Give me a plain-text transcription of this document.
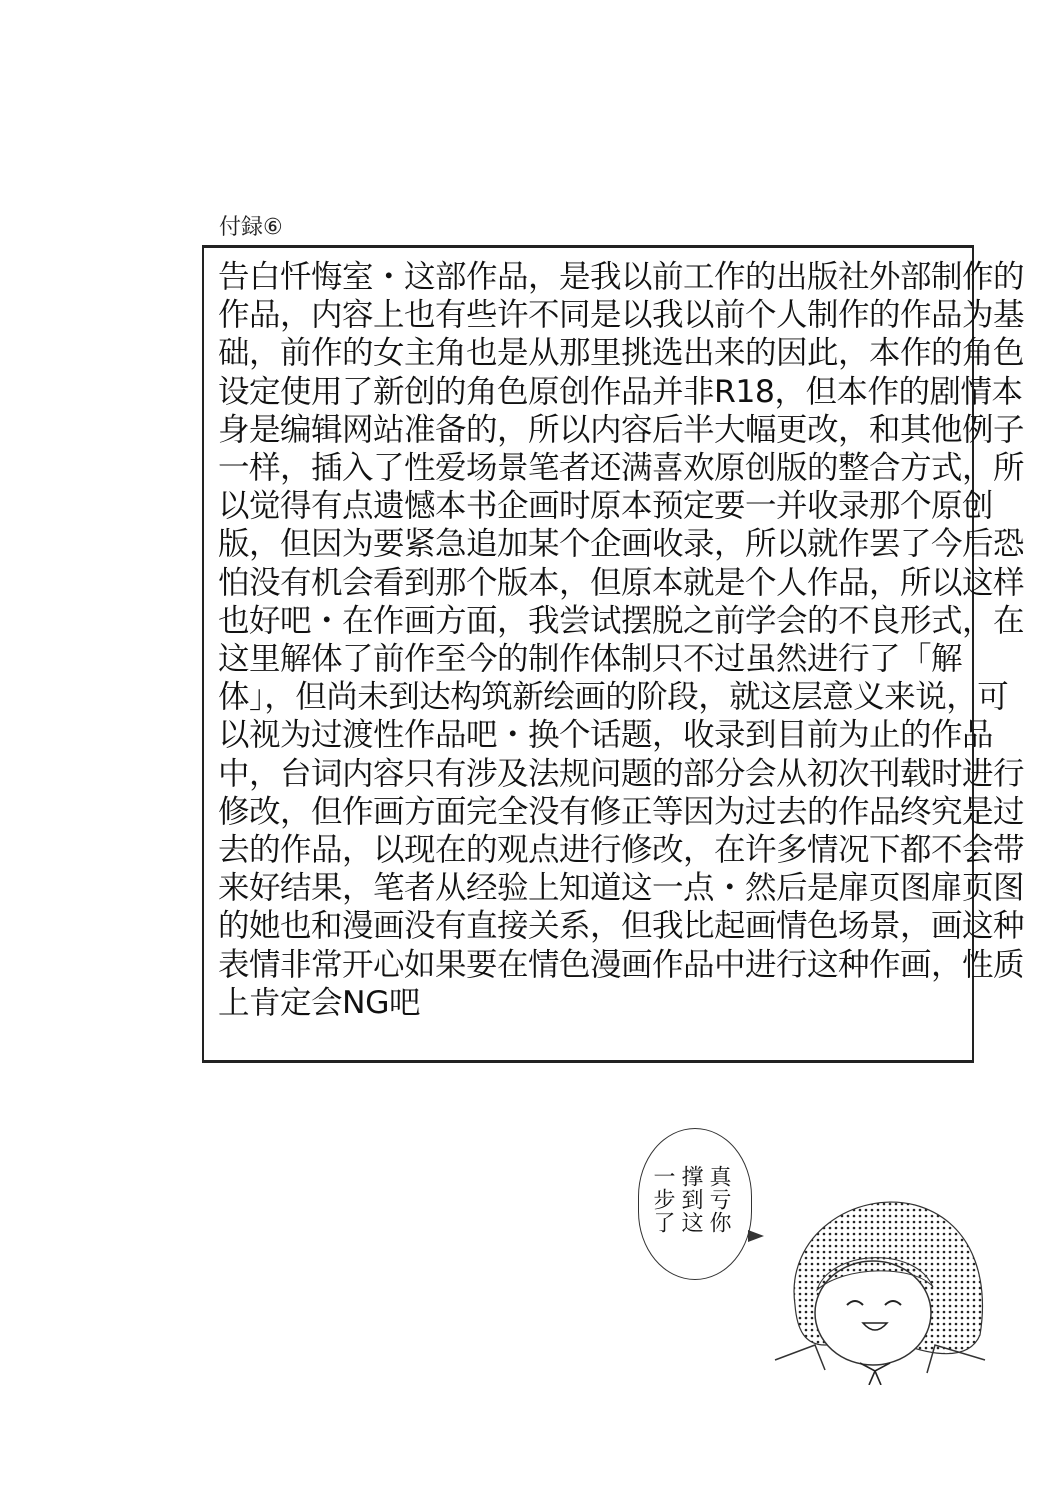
付録⑥
告白忏悔室・这部作品，是我以前工作的出版社外部制作的
作品，内容上也有些许不同是以我以前个人制作的作品为基
础，前作的女主角也是从那里挑选出来的因此，本作的角色
设定使用了新创的角色原创作品并非R18，但本作的剧情本
身是编辑网站准备的，所以内容后半大幅更改，和其他例子
一样，插入了性爱场景笔者还满喜欢原创版的整合方式，所
以觉得有点遗憾本书企画时原本预定要一并收录那个原创
版，但因为要紧急追加某个企画收录，所以就作罢了今后恐
怕没有机会看到那个版本，但原本就是个人作品，所以这样
也好吧・在作画方面，我尝试摆脱之前学会的不良形式，在
这里解体了前作至今的制作体制只不过虽然进行了「解
体」，但尚未到达构筑新绘画的阶段，就这层意义来说，可
以视为过渡性作品吧・换个话题，收录到目前为止的作品
中，台词内容只有涉及法规问题的部分会从初次刊载时进行
修改，但作画方面完全没有修正等因为过去的作品终究是过
去的作品，以现在的观点进行修改，在许多情况下都不会带
来好结果，笔者从经验上知道这一点・然后是扉页图扉页图
的她也和漫画没有直接关系，但我比起画情色场景，画这种
表情非常开心如果要在情色漫画作品中进行这种作画，性质
上肯定会NG吧
真亏你
撑到这
一步了
